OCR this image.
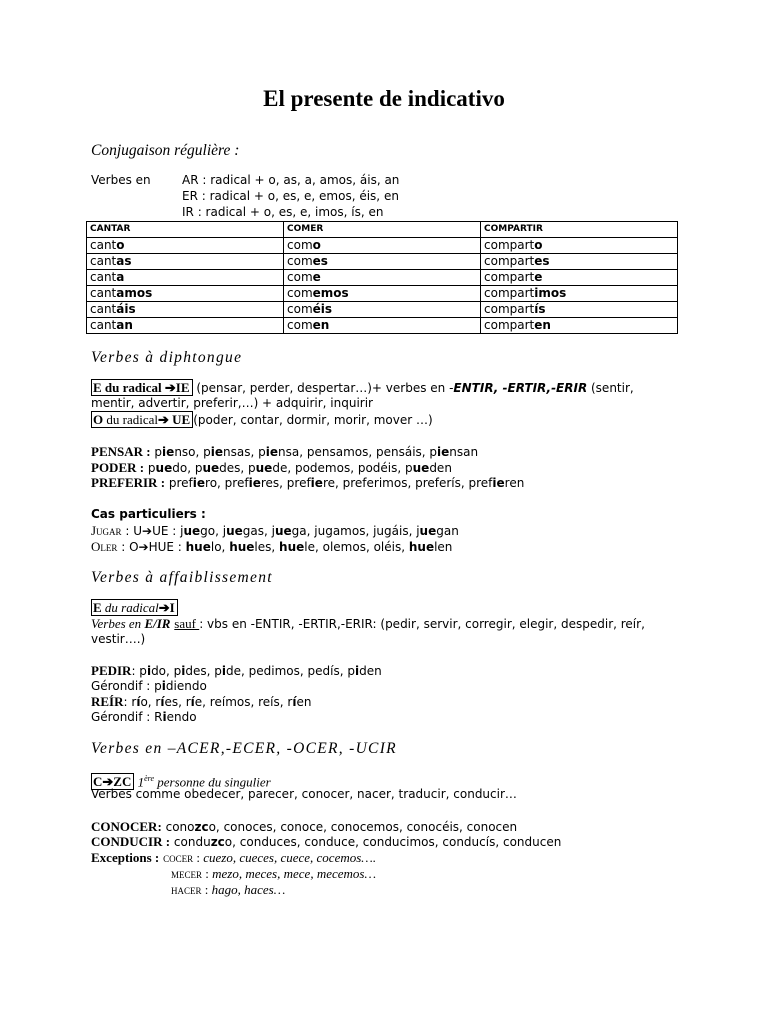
El presente de indicativo
Conjugaison régulière :
Verbes en	AR : radical + o, as, a, amos, áis, an
ER : radical + o, es, e, emos, éis, en
IR : radical + o, es, e, imos, ís, en
CANTAR	COMER	COMPARTIR
canto	como	comparto
cantas	comes	compartes
canta	come	comparte
cantamos	comemos	compartimos
cantáis	coméis	compartís
cantan	comen	comparten
Verbes à diphtongue
E du radical ➔IE (pensar, perder, despertar…)+ verbes en -ENTIR, -ERTIR,-ERIR (sentir,
mentir, advertir, preferir,…) + adquirir, inquirir
O du radical➔ UE (poder, contar, dormir, morir, mover …)
PENSAR : pienso, piensas, piensa, pensamos, pensáis, piensan
PODER : puedo, puedes, puede, podemos, podéis, pueden
PREFERIR : prefiero, prefieres, prefiere, preferimos, preferís, prefieren
Cas particuliers :
Jugar : U➔UE : juego, juegas, juega, jugamos, jugáis, juegan
Oler : O➔HUE : huelo, hueles, huele, olemos, oléis, huelen
Verbes à affaiblissement
E du radical➔I
Verbes en E/IR sauf : vbs en -ENTIR, -ERTIR,-ERIR: (pedir, servir, corregir, elegir, despedir, reír,
vestir….)
PEDIR: pido, pides, pide, pedimos, pedís, piden
Gérondif : pidiendo
REÍR: río, ríes, ríe, reímos, reís, ríen
Gérondif : Riendo
Verbes en –ACER,-ECER, -OCER, -UCIR
C➔ZC 1ère personne du singulier
Verbes comme obedecer, parecer, conocer, nacer, traducir, conducir…
CONOCER: conozco, conoces, conoce, conocemos, conocéis, conocen
CONDUCIR : conduzco, conduces, conduce, conducimos, conducís, conducen
Exceptions : cocer : cuezo, cueces, cuece, cocemos….
mecer : mezo, meces, mece, mecemos…
hacer : hago, haces…
